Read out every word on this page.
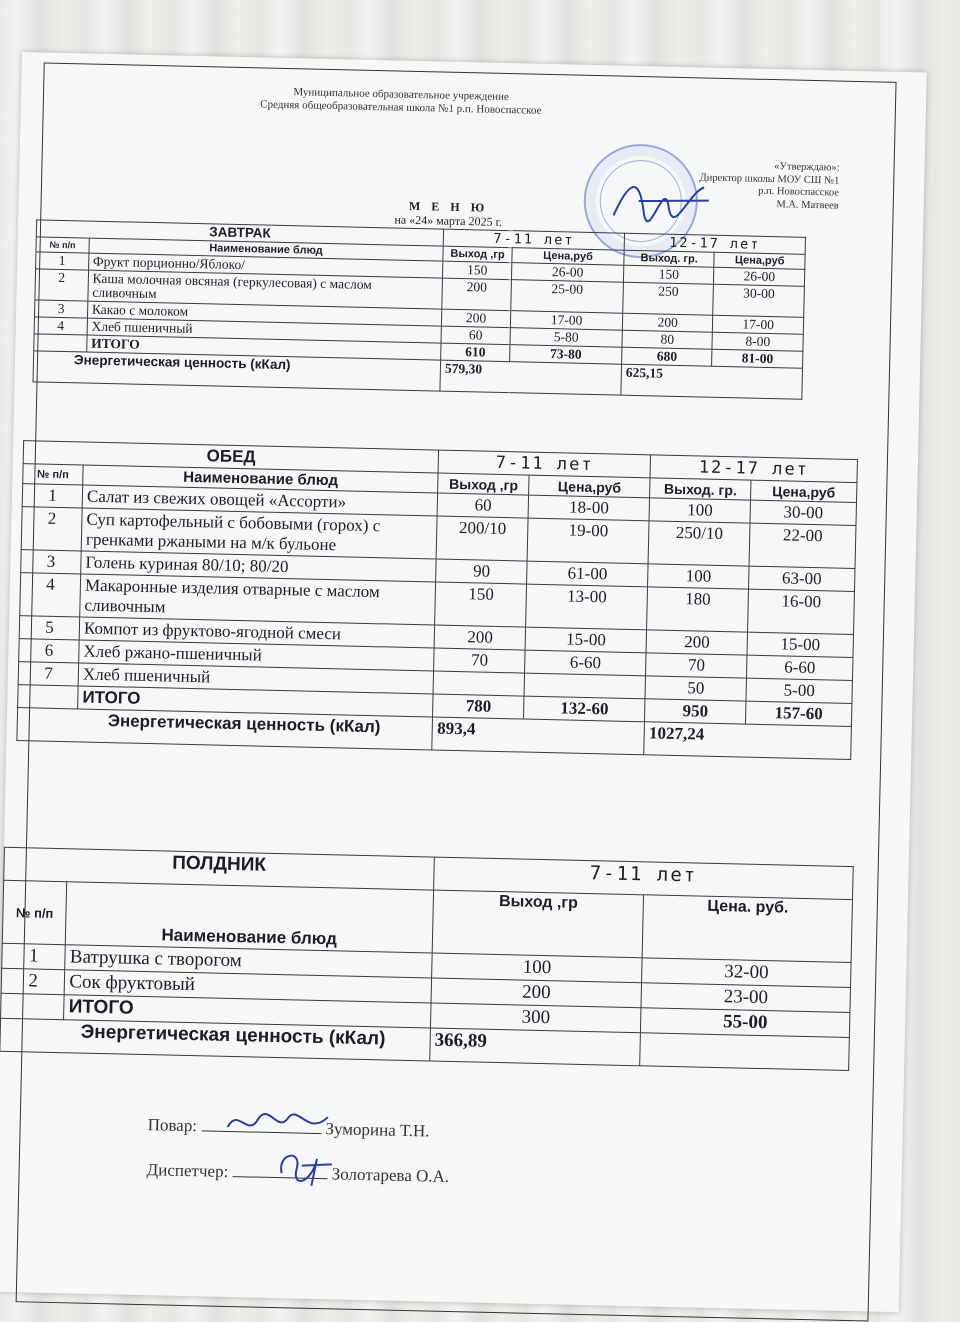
Муниципальное образовательное учреждение
Средняя общеобразовательная школа №1 р.п. Новоспасское
«Утверждаю»:
Директор школы МОУ СШ №1
р.п. Новоспасское
М.А. Матвеев
М Е Н Ю
на «24» марта 2025 г.
ЗАВТРАК		7-11 лет		12-17 лет	
№ п/п	Наименование блюд	Выход ,гр	Цена,руб	Выход. гр.	Цена,руб
1	Фрукт порционно/Яблоко/	150	26-00	150	26-00
2	Каша молочная овсяная (геркулесовая) с маслом сливочным	200	25-00	250	30-00
3	Какао с молоком	200	17-00	200	17-00
4	Хлеб пшеничный	60	5-80	80	8-00
	ИТОГО	610	73-80	680	81-00
Энергетическая ценность (кКал)		579,30		625,15	
ОБЕД		7-11 лет		12-17 лет	
№ п/п	Наименование блюд	Выход ,гр	Цена,руб	Выход. гр.	Цена,руб
1	Салат из свежих овощей «Ассорти»	60	18-00	100	30-00
2	Суп картофельный с бобовыми (горох) с гренками ржаными на м/к бульоне	200/10	19-00	250/10	22-00
3	Голень куриная 80/10; 80/20	90	61-00	100	63-00
4	Макаронные изделия отварные с маслом сливочным	150	13-00	180	16-00
5	Компот из фруктово-ягодной смеси	200	15-00	200	15-00
6	Хлеб ржано-пшеничный	70	6-60	70	6-60
7	Хлеб пшеничный			50	5-00
	ИТОГО	780	132-60	950	157-60
Энергетическая ценность (кКал)		893,4		1027,24	
ПОЛДНИК		7-11 лет	
№ п/п	Наименование блюд	Выход ,гр	Цена. руб.
1	Ватрушка с творогом	100	32-00
2	Сок фруктовый	200	23-00
	ИТОГО	300	55-00
Энергетическая ценность (кКал)		366,89	
Повар:	Зуморина Т.Н.
Диспетчер:	Золотарева О.А.
